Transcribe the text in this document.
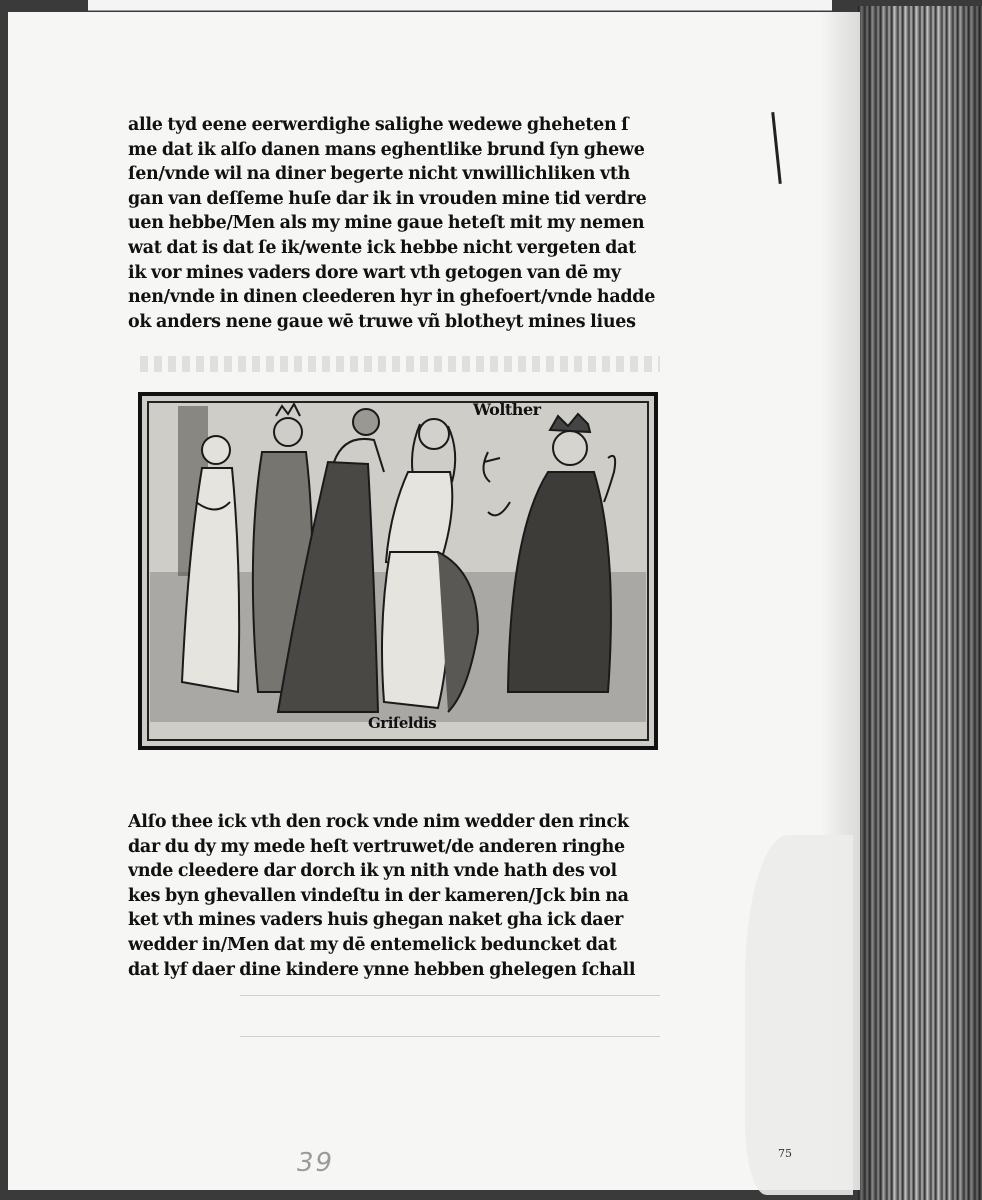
alle tyd eene eerwerdighe salighe wedewe gheheten ſ
me dat ik alſo danen mans eghentlike brund ſyn ghewe
ſen/vnde wil na diner begerte nicht vnwillichliken vth
gan van deſſeme huſe dar ik in vrouden mine tid verdre
uen hebbe/Men als my mine gaue heteſt mit my nemen
wat dat is dat ſe ik/wente ick hebbe nicht vergeten dat
ik vor mines vaders dore wart vth getogen van dē my
nen/vnde in dinen cleederen hyr in ghefoert/vnde hadde
ok anders nene gaue wē truwe vñ blotheyt mines liues
Wolther
Griſeldis
Alſo thee ick vth den rock vnde nim wedder den rinck
dar du dy my mede heſt vertruwet/de anderen ringhe
vnde cleedere dar dorch ik yn nith vnde hath des vol
kes byn ghevallen vindeſtu in der kameren/Jck bin na
ket vth mines vaders huis ghegan naket gha ick daer
wedder in/Men dat my dē entemelick beduncket dat
dat lyf daer dine kindere ynne hebben ghelegen ſchall
39	75
